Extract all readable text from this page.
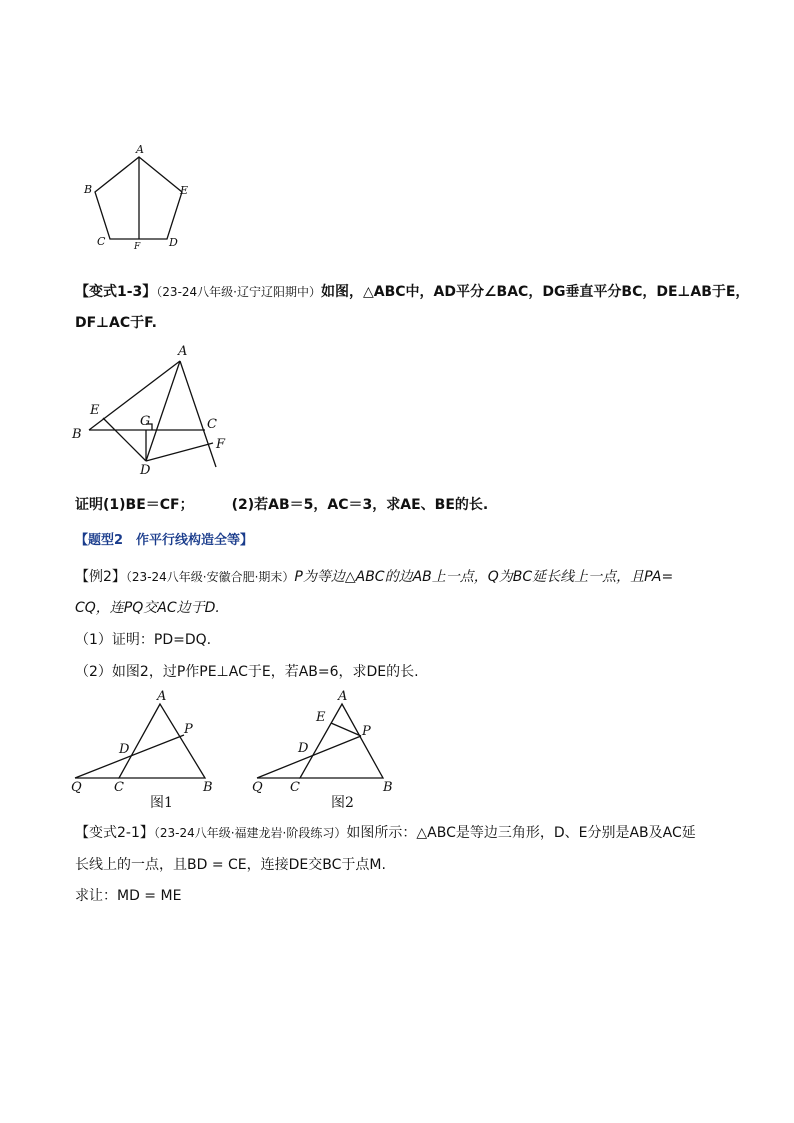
A
B	E
C	F	D
【变式1-3】（23-24八年级·辽宁辽阳期中）如图，△ABC中，AD平分∠BAC，DG垂直平分BC，DE⊥AB于E，
DF⊥AC于F.
A
E
B
G	C
F
D
证明(1)BE＝CF；	(2)若AB＝5，AC＝3，求AE、BE的长.
【题型2　作平行线构造全等】
【例2】（23-24八年级·安徽合肥·期末）P为等边△ABC的边AB上一点，Q为BC延长线上一点，且PA=
CQ，连PQ交AC边于D.
（1）证明：PD=DQ.
（2）如图2，过P作PE⊥AC于E，若AB=6，求DE的长.
A
D
P
Q C	B
图1
A
E
D
P
Q C	B
图2
【变式2-1】（23-24八年级·福建龙岩·阶段练习）如图所示：△ABC是等边三角形，D、E分别是AB及AC延
长线上的一点，且BD = CE，连接DE交BC于点M.
求让：MD = ME
